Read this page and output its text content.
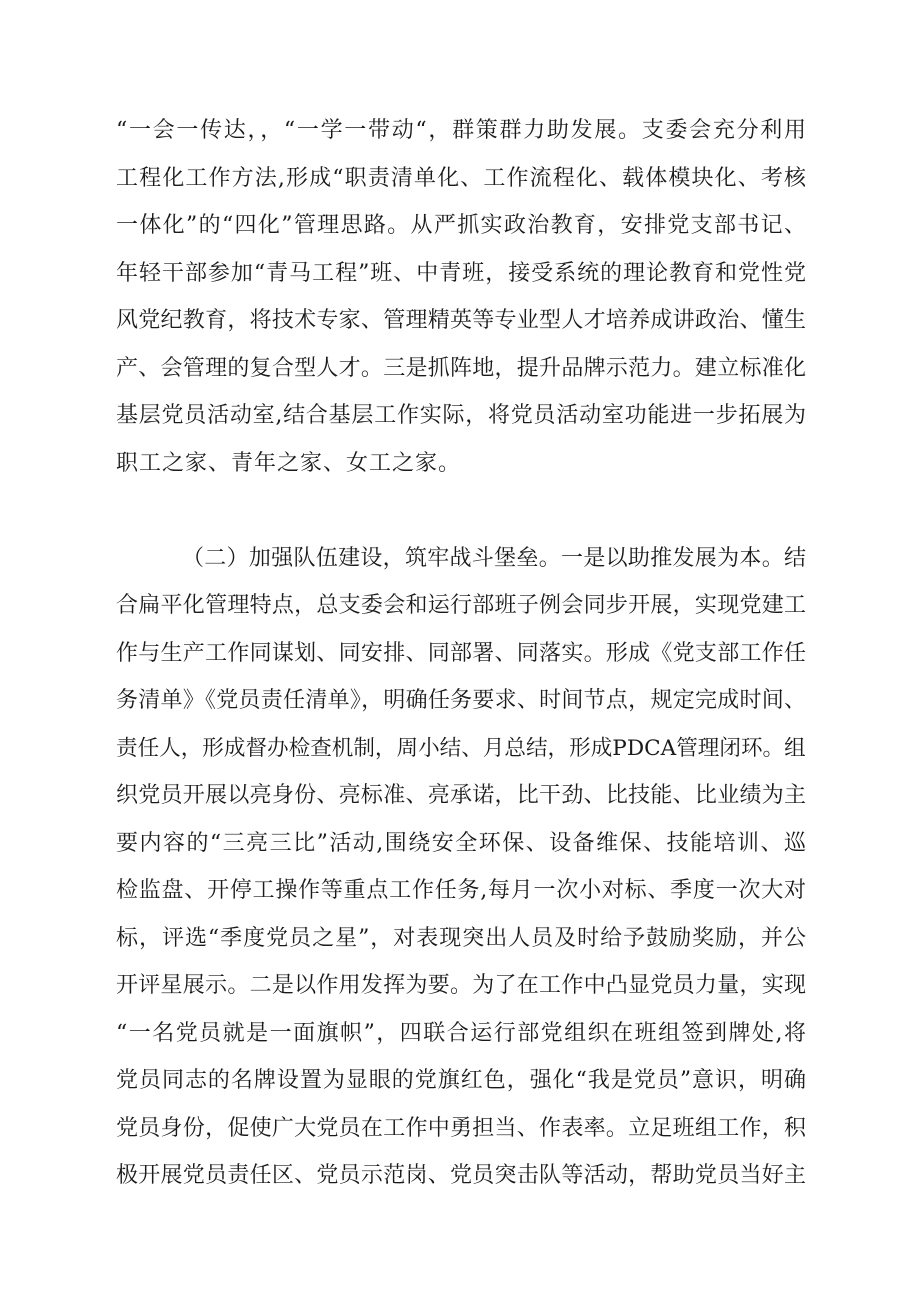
“一会一传达，，“一学一带动“，群策群力助发展。支委会充分利用
工程化工作方法,形成“职责清单化、工作流程化、载体模块化、考核
一体化”的“四化”管理思路。从严抓实政治教育，安排党支部书记、
年轻干部参加“青马工程”班、中青班，接受系统的理论教育和党性党
风党纪教育，将技术专家、管理精英等专业型人才培养成讲政治、懂生
产、会管理的复合型人才。三是抓阵地，提升品牌示范力。建立标准化
基层党员活动室,结合基层工作实际，将党员活动室功能进一步拓展为
职工之家、青年之家、女工之家。
（二）加强队伍建设，筑牢战斗堡垒。一是以助推发展为本。结
合扁平化管理特点，总支委会和运行部班子例会同步开展，实现党建工
作与生产工作同谋划、同安排、同部署、同落实。形成《党支部工作任
务清单》《党员责任清单》，明确任务要求、时间节点，规定完成时间、
责任人，形成督办检查机制，周小结、月总结，形成PDCA管理闭环。组
织党员开展以亮身份、亮标准、亮承诺，比干劲、比技能、比业绩为主
要内容的“三亮三比”活动,围绕安全环保、设备维保、技能培训、巡
检监盘、开停工操作等重点工作任务,每月一次小对标、季度一次大对
标，评选“季度党员之星”，对表现突出人员及时给予鼓励奖励，并公
开评星展示。二是以作用发挥为要。为了在工作中凸显党员力量，实现
“一名党员就是一面旗帜”，四联合运行部党组织在班组签到牌处,将
党员同志的名牌设置为显眼的党旗红色，强化“我是党员”意识，明确
党员身份，促使广大党员在工作中勇担当、作表率。立足班组工作，积
极开展党员责任区、党员示范岗、党员突击队等活动，帮助党员当好主
